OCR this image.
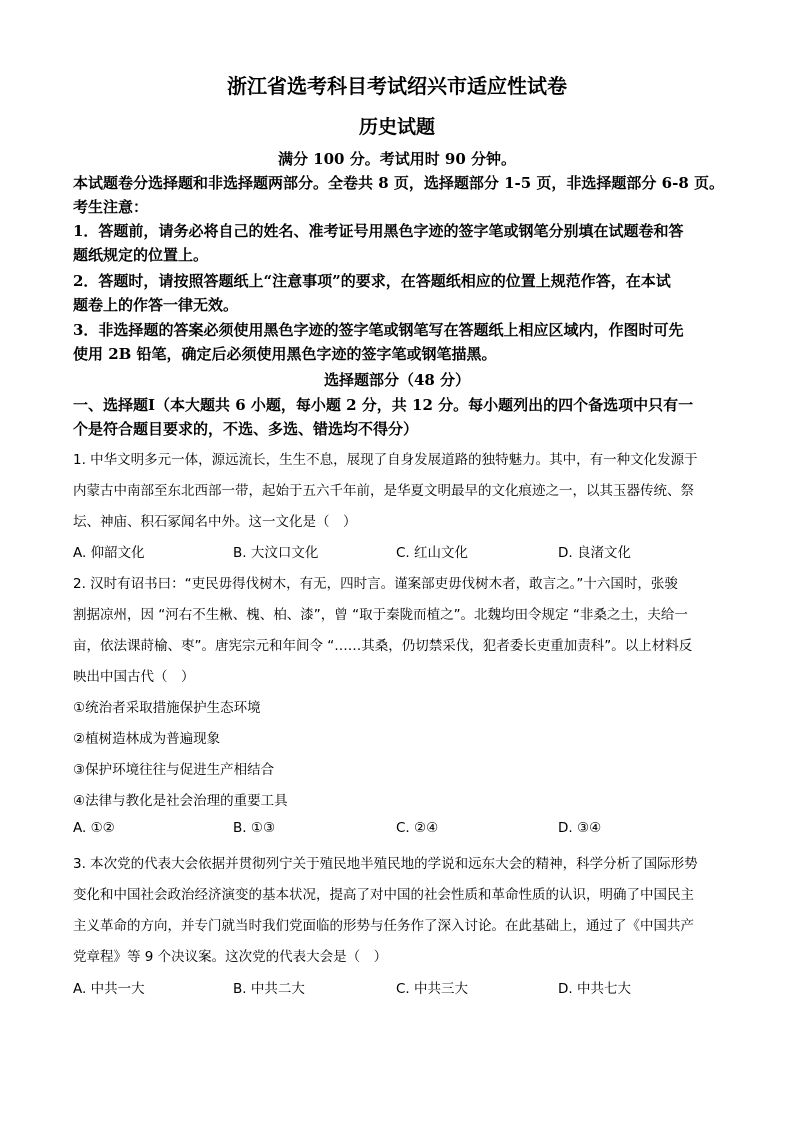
浙江省选考科目考试绍兴市适应性试卷
历史试题
满分 100 分。考试用时 90 分钟。
本试题卷分选择题和非选择题两部分。全卷共 8 页，选择题部分 1-5 页，非选择题部分 6-8 页。
考生注意：
1．答题前，请务必将自己的姓名、准考证号用黑色字迹的签字笔或钢笔分别填在试题卷和答
题纸规定的位置上。
2．答题时，请按照答题纸上“注意事项”的要求，在答题纸相应的位置上规范作答，在本试
题卷上的作答一律无效。
3．非选择题的答案必须使用黑色字迹的签字笔或钢笔写在答题纸上相应区域内，作图时可先
使用 2B 铅笔，确定后必须使用黑色字迹的签字笔或钢笔描黑。
选择题部分（48 分）
一、选择题Ⅰ（本大题共 6 小题，每小题 2 分，共 12 分。每小题列出的四个备选项中只有一
个是符合题目要求的，不选、多选、错选均不得分）
1. 中华文明多元一体，源远流长，生生不息，展现了自身发展道路的独特魅力。其中，有一种文化发源于
内蒙古中南部至东北西部一带，起始于五六千年前，是华夏文明最早的文化痕迹之一，以其玉器传统、祭
坛、神庙、积石冢闻名中外。这一文化是（　）
A. 仰韶文化	B. 大汶口文化	C. 红山文化	D. 良渚文化
2. 汉时有诏书曰：“吏民毋得伐树木，有无，四时言。谨案部吏毋伐树木者，敢言之。”十六国时，张骏
割据凉州，因 “河右不生楸、槐、柏、漆”，曾 “取于秦陇而植之”。北魏均田令规定 “非桑之土，夫给一
亩，依法课莳榆、枣”。唐宪宗元和年间令 “……其桑，仍切禁采伐，犯者委长吏重加责科”。以上材料反
映出中国古代（　）
①统治者采取措施保护生态环境
②植树造林成为普遍现象
③保护环境往往与促进生产相结合
④法律与教化是社会治理的重要工具
A. ①②	B. ①③	C. ②④	D. ③④
3. 本次党的代表大会依据并贯彻列宁关于殖民地半殖民地的学说和远东大会的精神，科学分析了国际形势
变化和中国社会政治经济演变的基本状况，提高了对中国的社会性质和革命性质的认识，明确了中国民主
主义革命的方向，并专门就当时我们党面临的形势与任务作了深入讨论。在此基础上，通过了《中国共产
党章程》等 9 个决议案。这次党的代表大会是（　）
A. 中共一大	B. 中共二大	C. 中共三大	D. 中共七大
